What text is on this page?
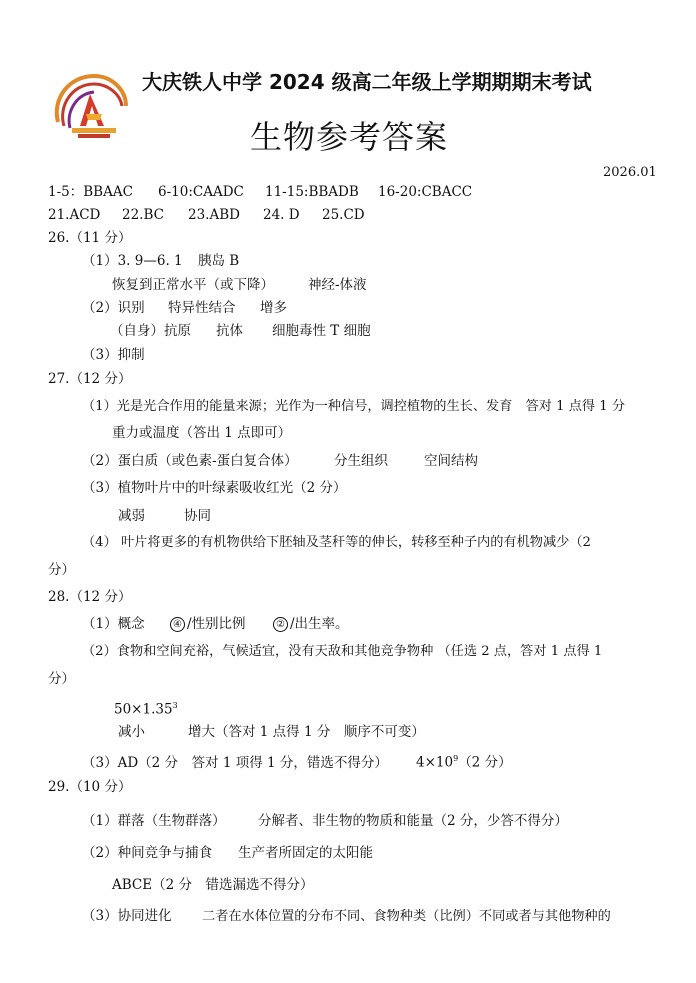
大庆铁人中学 2024 级高二年级上学期期期末考试
生物参考答案
2026.01
1-5：BBAAC 6-10:CAADC 11-15:BBADB 16-20:CBACC
21.ACD 22.BC 23.ABD 24. D 25.CD
26.（11 分）
（1）3. 9—6. 1 胰岛 B
恢复到正常水平（或下降）	神经-体液
（2）识别 特异性结合 增多
（自身）抗原 抗体 细胞毒性 T 细胞
（3）抑制
27.（12 分）
（1）光是光合作用的能量来源；光作为一种信号，调控植物的生长、发育　答对 1 点得 1 分
重力或温度（答出 1 点即可）
（2）蛋白质（或色素-蛋白复合体）	分生组织	空间结构
（3）植物叶片中的叶绿素吸收红光（2 分）
减弱	协同
（4） 叶片将更多的有机物供给下胚轴及茎秆等的伸长，转移至种子内的有机物减少（2
分）
28.（12 分）
（1）概念	④ /性别比例	② /出生率。
（2）食物和空间充裕，气候适宜，没有天敌和其他竞争物种 （任选 2 点，答对 1 点得 1
分）
$50\times 1.35^3$
减小	增大（答对 1 点得 1 分　顺序不可变）
（3）AD（2 分　答对 1 项得 1 分，错选不得分） $4\times 10^9(2$ 分）
29.（10 分）
（1）群落（生物群落） 分解者、非生物的物质和能量（2 分，少答不得分）
（2）种间竞争与捕食 生产者所固定的太阳能
ABCE（2 分　错选漏选不得分）
（3）协同进化 二者在水体位置的分布不同、食物种类（比例）不同或者与其他物种的
